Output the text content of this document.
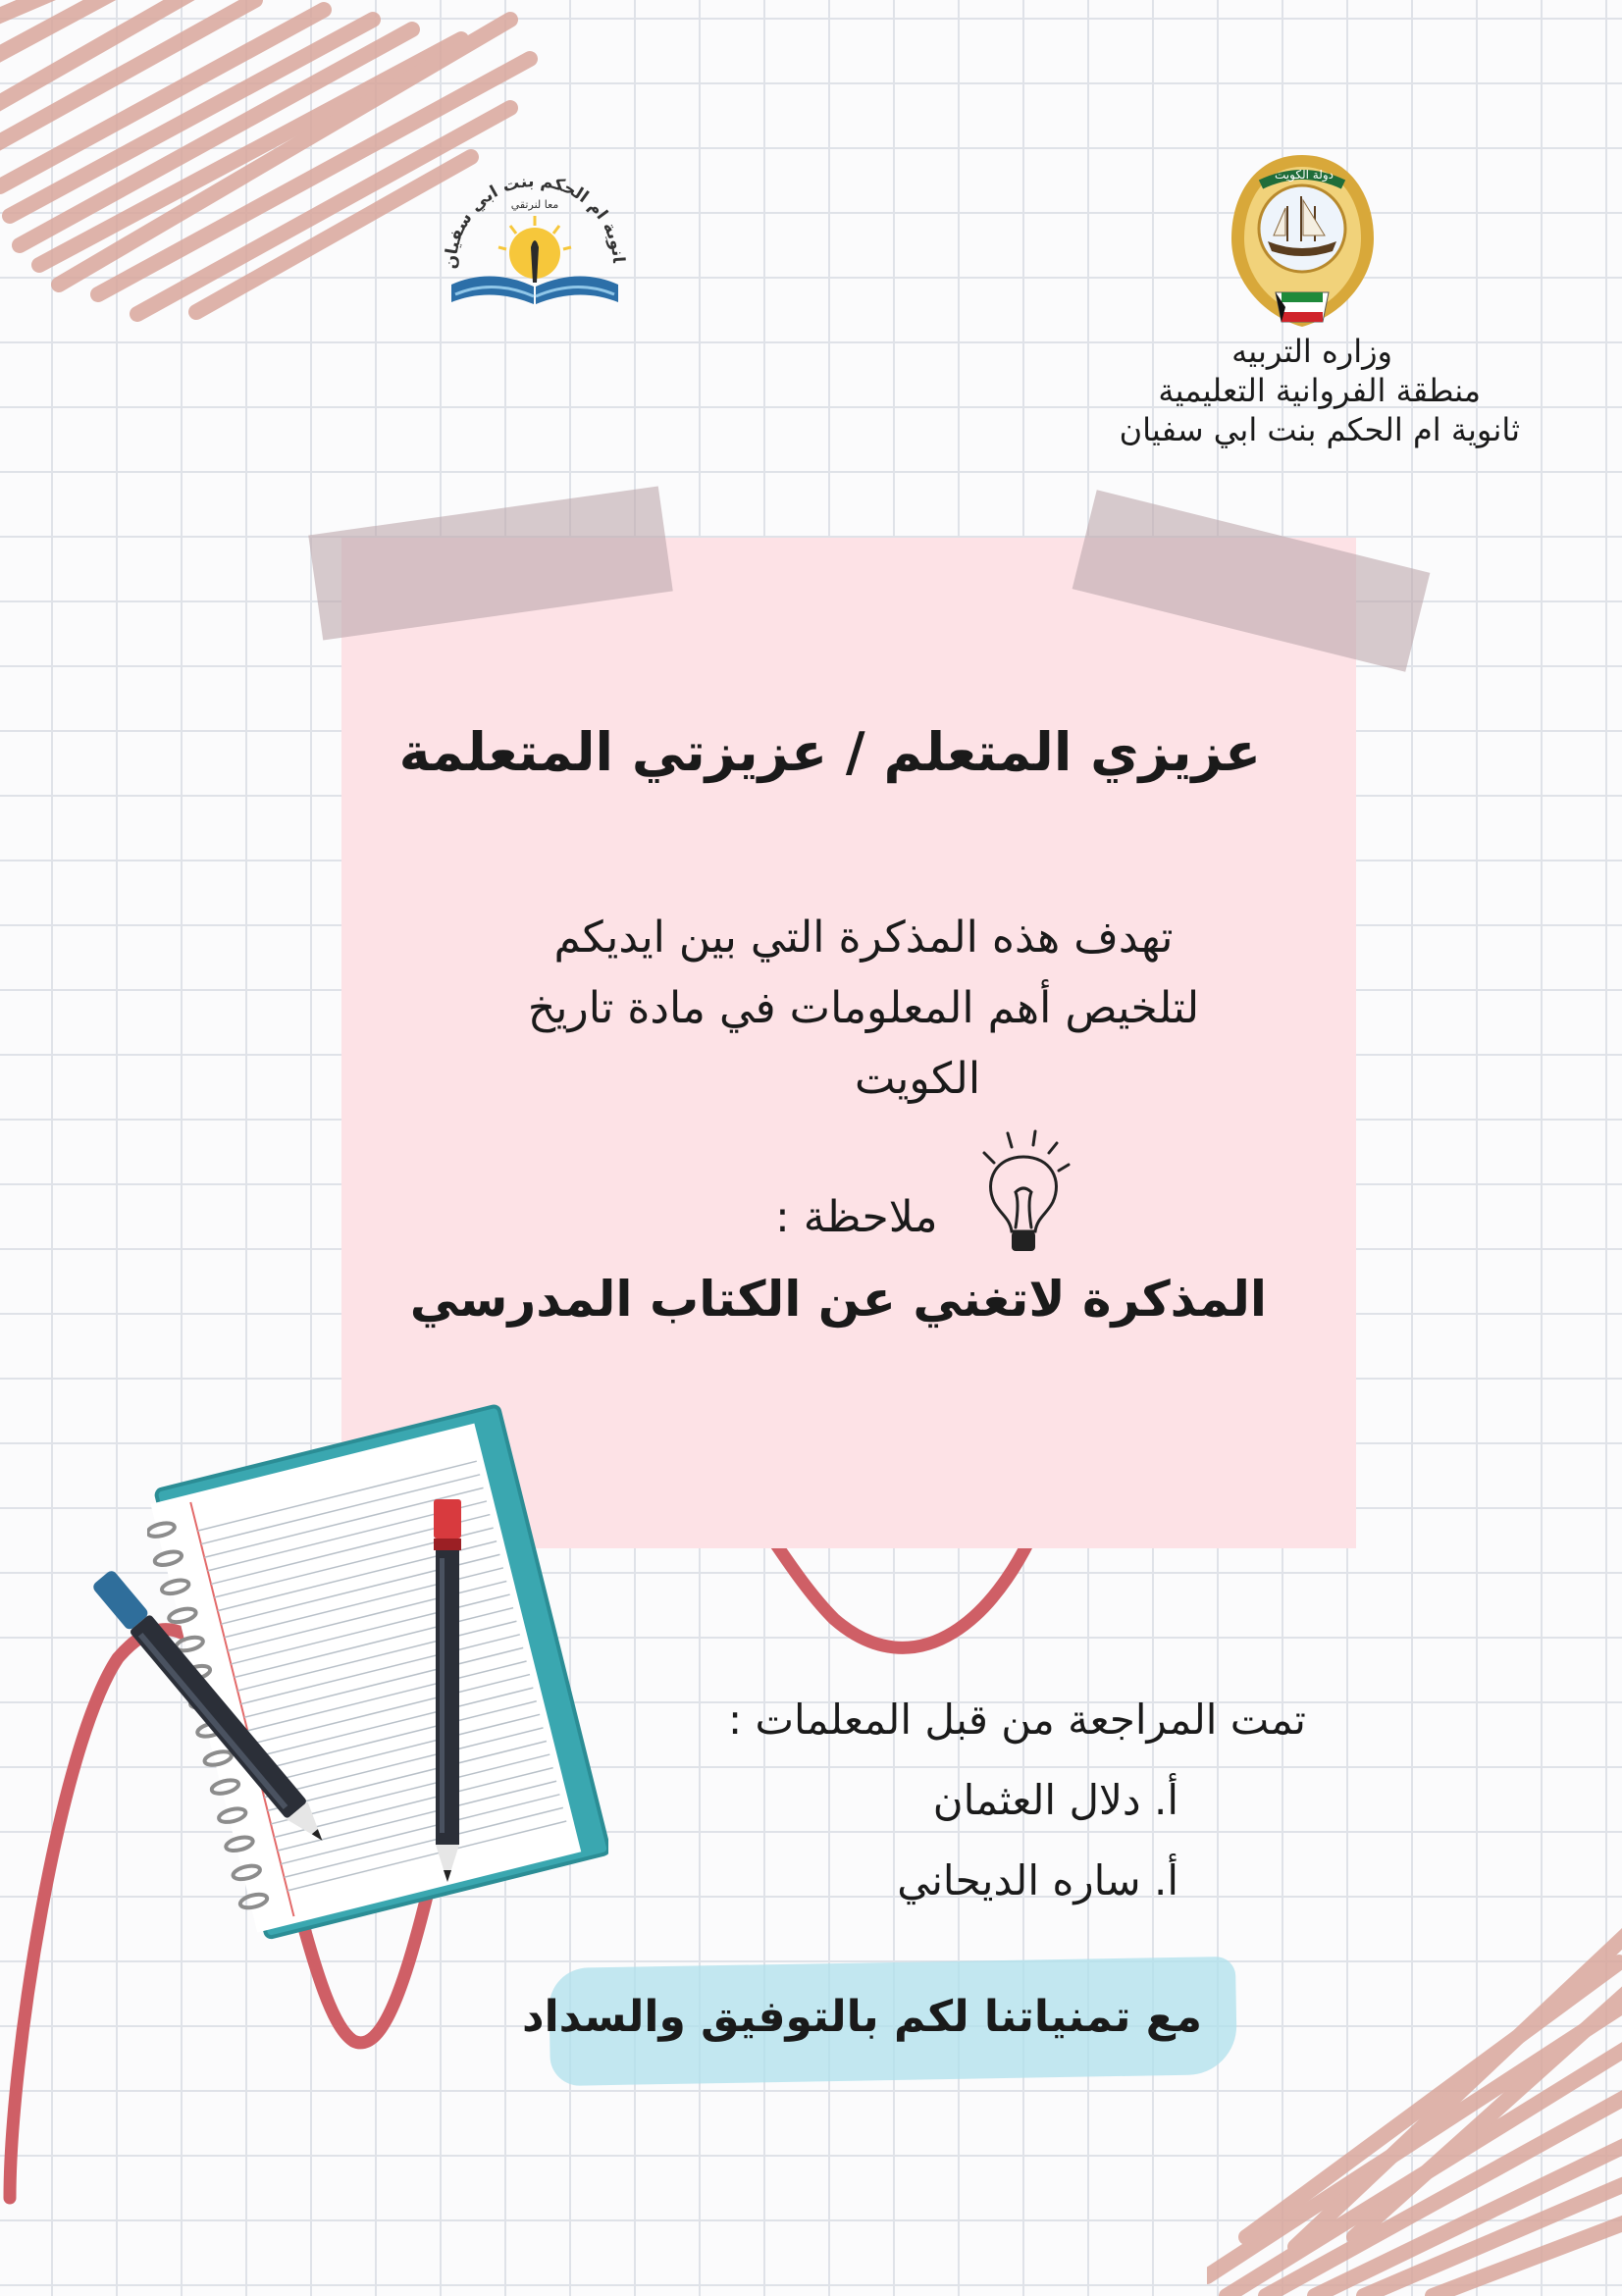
انوية ام الحكم بنت ابي سفيان
معا لنرتقي
دولة الكويت
وزاره التربيه
منطقة الفروانية التعليمية
ثانوية ام الحكم بنت ابي سفيان
عزيزي المتعلم / عزيزتي المتعلمة
تهدف هذه المذكرة التي بين ايديكم
لتلخيص أهم المعلومات في مادة تاريخ
الكويت
ملاحظة :
المذكرة لاتغني عن الكتاب المدرسي
تمت المراجعة من قبل المعلمات :
أ. دلال العثمان
أ. ساره الديحاني
مع تمنياتنا لكم بالتوفيق والسداد
